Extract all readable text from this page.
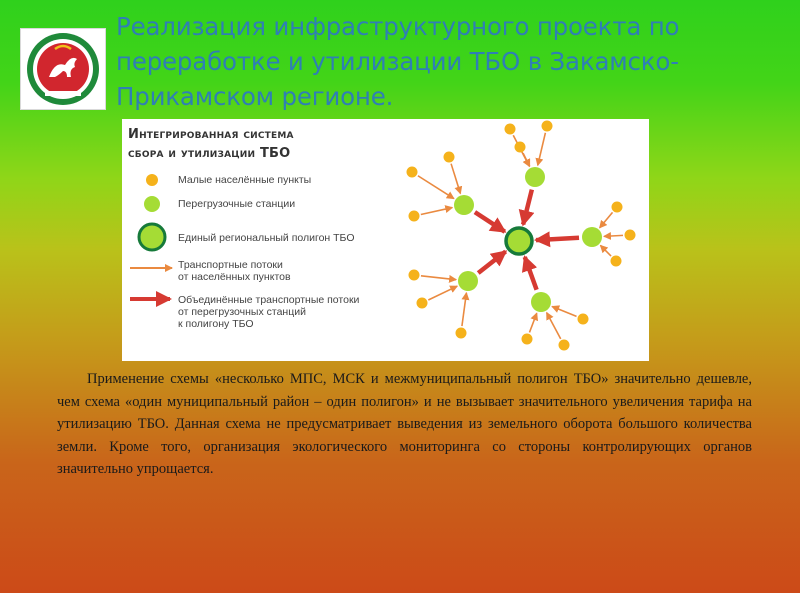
Реализация инфраструктурного проекта по переработке и утилизации ТБО в Закамско-Прикамском регионе.
Интегрированная система
сбора и утилизации ТБО
Малые населённые пункты
Перегрузочные станции
Единый региональный полигон ТБО
Транспортные потоки
от населённых пунктов
Объединённые транспортные потоки
от перегрузочных станций
к полигону ТБО

Применение схемы «несколько МПС, МСК и межмуниципальный полигон ТБО» значительно дешевле, чем схема «один муниципальный район – один полигон» и не вызывает значительного увеличения тарифа на утилизацию ТБО. Данная схема не предусматривает выведения из земельного оборота большого количества земли. Кроме того, организация экологического мониторинга со стороны контролирующих органов значительно упрощается.
